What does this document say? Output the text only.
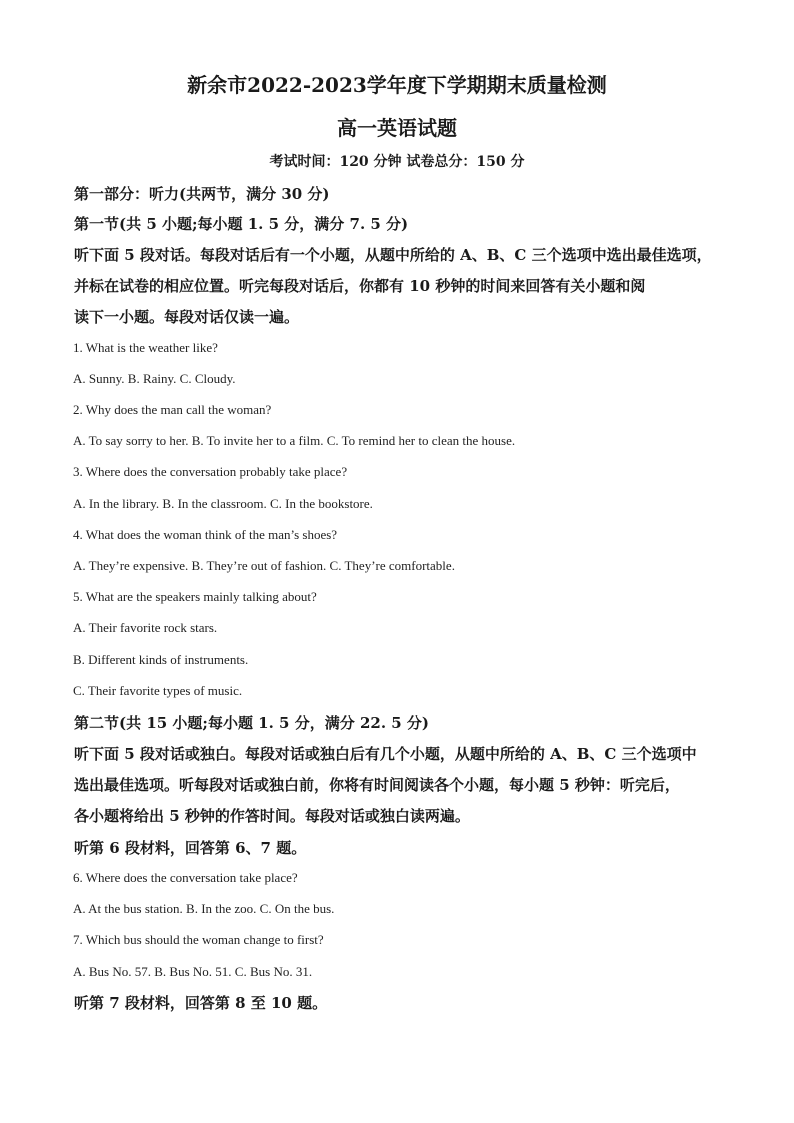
新余市2022-2023学年度下学期期末质量检测
高一英语试题
考试时间：120 分钟 试卷总分：150 分
第一部分：听力(共两节，满分 30 分)
第一节(共 5 小题;每小题 1. 5 分，满分 7. 5 分)
听下面 5 段对话。每段对话后有一个小题，从题中所给的 A、B、C 三个选项中选出最佳选项，
并标在试卷的相应位置。听完每段对话后，你都有 10 秒钟的时间来回答有关小题和阅
读下一小题。每段对话仅读一遍。
1. What is the weather like?
A. Sunny. B. Rainy. C. Cloudy.
2. Why does the man call the woman?
A. To say sorry to her. B. To invite her to a film. C. To remind her to clean the house.
3. Where does the conversation probably take place?
A. In the library. B. In the classroom. C. In the bookstore.
4. What does the woman think of the man’s shoes?
A. They’re expensive. B. They’re out of fashion. C. They’re comfortable.
5. What are the speakers mainly talking about?
A. Their favorite rock stars.
B. Different kinds of instruments.
C. Their favorite types of music.
第二节(共 15 小题;每小题 1. 5 分，满分 22. 5 分)
听下面 5 段对话或独白。每段对话或独白后有几个小题，从题中所给的 A、B、C 三个选项中
选出最佳选项。听每段对话或独白前，你将有时间阅读各个小题，每小题 5 秒钟：听完后，
各小题将给出 5 秒钟的作答时间。每段对话或独白读两遍。
听第 6 段材料，回答第 6、7 题。
6. Where does the conversation take place?
A. At the bus station. B. In the zoo. C. On the bus.
7. Which bus should the woman change to first?
A. Bus No. 57. B. Bus No. 51. C. Bus No. 31.
听第 7 段材料，回答第 8 至 10 题。
